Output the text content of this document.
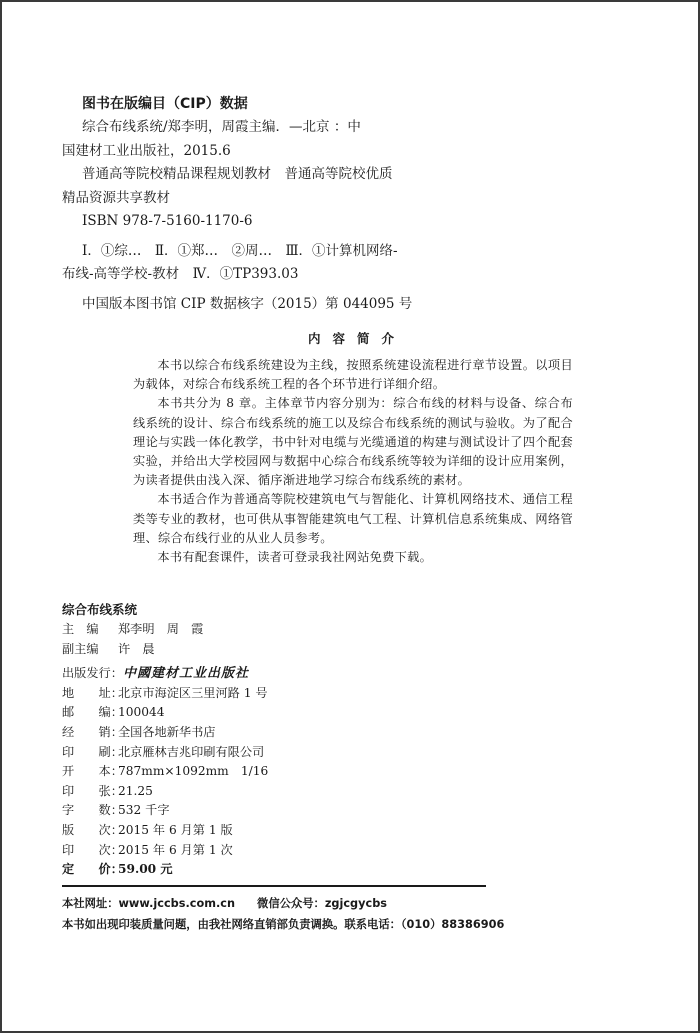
图书在版编目（CIP）数据
综合布线系统/郑李明，周霞主编．—北京 ：中
国建材工业出版社，2015.6
普通高等院校精品课程规划教材　普通高等院校优质
精品资源共享教材
ISBN 978-7-5160-1170-6
Ⅰ．①综…　Ⅱ．①郑…　②周…　Ⅲ．①计算机网络-
布线-高等学校-教材　Ⅳ．①TP393.03
中国版本图书馆 CIP 数据核字（2015）第 044095 号
内容简介

本书以综合布线系统建设为主线，按照系统建设流程进行章节设置。以项目为载体，对综合布线系统工程的各个环节进行详细介绍。

本书共分为 8 章。主体章节内容分别为：综合布线的材料与设备、综合布线系统的设计、综合布线系统的施工以及综合布线系统的测试与验收。为了配合理论与实践一体化教学，书中针对电缆与光缆通道的构建与测试设计了四个配套实验，并给出大学校园网与数据中心综合布线系统等较为详细的设计应用案例，为读者提供由浅入深、循序渐进地学习综合布线系统的素材。

本书适合作为普通高等院校建筑电气与智能化、计算机网络技术、通信工程类等专业的教材，也可供从事智能建筑电气工程、计算机信息系统集成、网络管理、综合布线行业的从业人员参考。

本书有配套课件，读者可登录我社网站免费下载。

综合布线系统
主　编	郑李明　周　霞
副主编	许　晨
出版发行： 中國建材工业出版社
地　　址：
北京市海淀区三里河路 1 号
邮　　编：
100044
经　　销：
全国各地新华书店
印　　刷：
北京雁林吉兆印刷有限公司
开　　本：
787mm×1092mm　1/16
印　　张：
21.25
字　　数：
532 千字
版　　次：
2015 年 6 月第 1 版
印　　次：
2015 年 6 月第 1 次
定　　价：
59.00 元
本社网址：www.jccbs.com.cn 微信公众号：zgjcgycbs
本书如出现印装质量问题，由我社网络直销部负责调换。联系电话：（010）88386906
